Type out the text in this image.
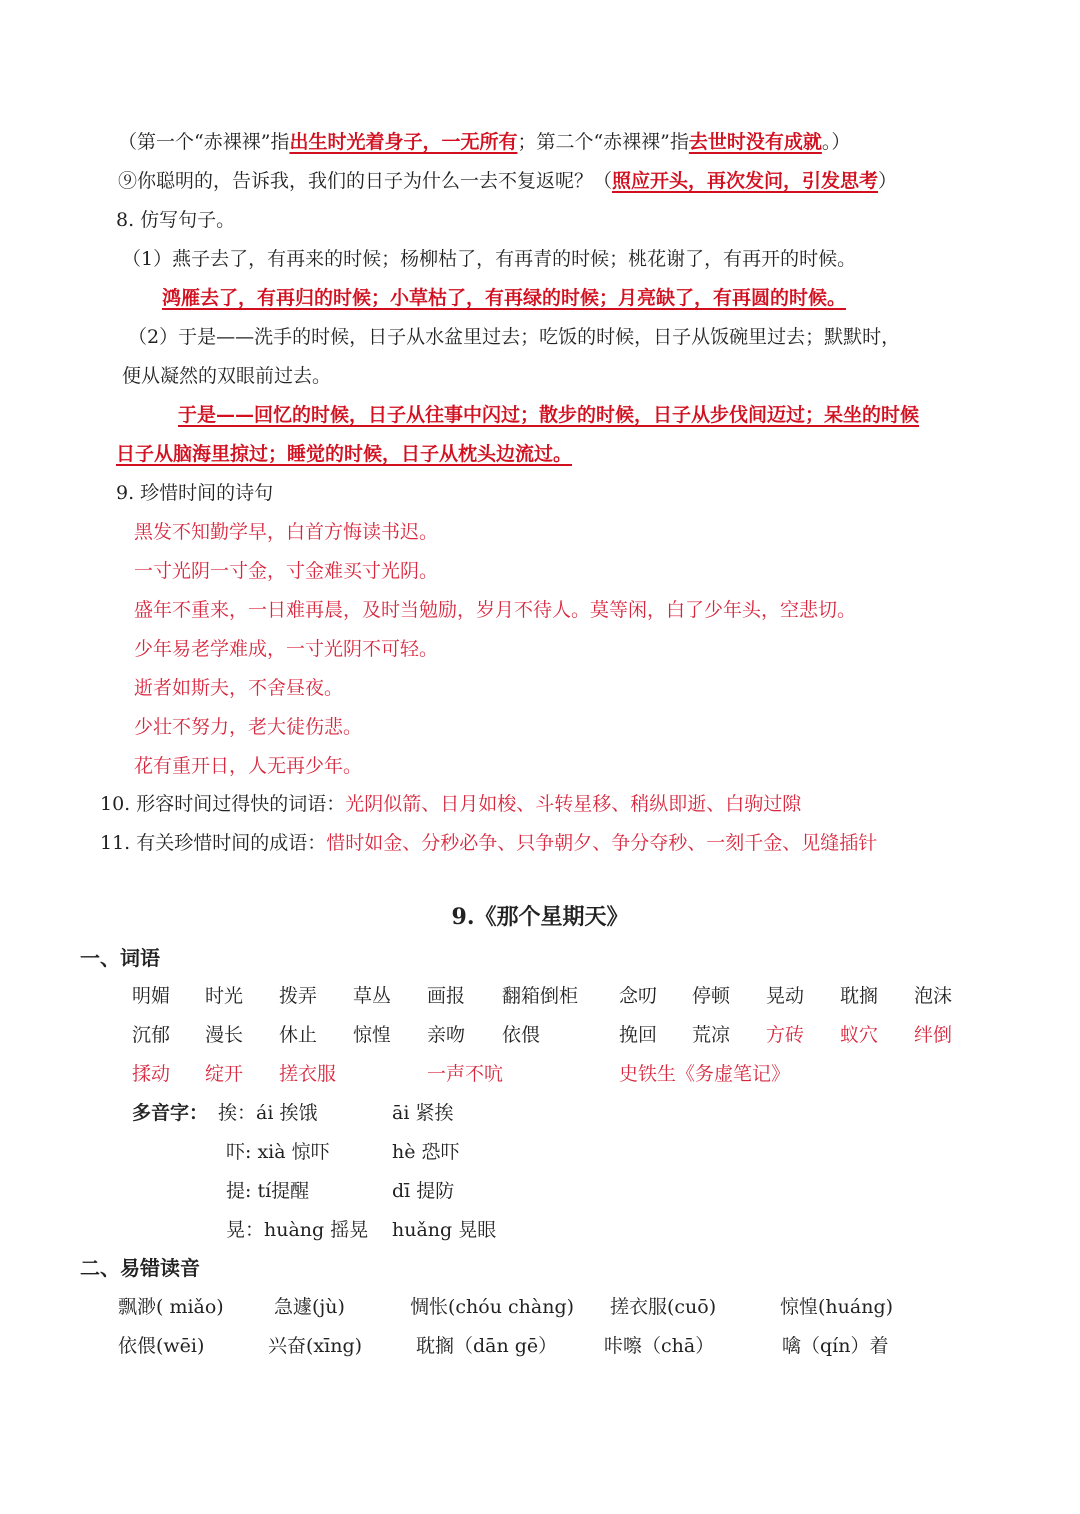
（第一个“赤裸裸”指出生时光着身子，一无所有；第二个“赤裸裸”指去世时没有成就。）
⑨你聪明的，告诉我，我们的日子为什么一去不复返呢？（照应开头，再次发问，引发思考）
8. 仿写句子。
（1）燕子去了，有再来的时候；杨柳枯了，有再青的时候；桃花谢了，有再开的时候。
鸿雁去了，有再归的时候；小草枯了，有再绿的时候；月亮缺了，有再圆的时候。
（2）于是——洗手的时候，日子从水盆里过去；吃饭的时候，日子从饭碗里过去；默默时，
便从凝然的双眼前过去。
于是——回忆的时候，日子从往事中闪过；散步的时候，日子从步伐间迈过；呆坐的时候
日子从脑海里掠过；睡觉的时候，日子从枕头边流过。
9. 珍惜时间的诗句
黑发不知勤学早，白首方悔读书迟。
一寸光阴一寸金，寸金难买寸光阴。
盛年不重来，一日难再晨，及时当勉励，岁月不待人。莫等闲，白了少年头，空悲切。
少年易老学难成，一寸光阴不可轻。
逝者如斯夫，不舍昼夜。
少壮不努力，老大徒伤悲。
花有重开日，人无再少年。
10. 形容时间过得快的词语：光阴似箭、日月如梭、斗转星移、稍纵即逝、白驹过隙
11. 有关珍惜时间的成语：惜时如金、分秒必争、只争朝夕、争分夺秒、一刻千金、见缝插针
9.《那个星期天》
一、词语
明媚 时光 拨弄 草丛 画报 翻箱倒柜 念叨 停顿 晃动 耽搁 泡沫
沉郁 漫长 休止 惊惶 亲吻 依偎	挽回 荒凉 方砖 蚁穴 绊倒
揉动 绽开 搓衣服	一声不吭	史铁生《务虚笔记》
多音字： 挨：ái 挨饿	āi 紧挨
吓: xià 惊吓	hè 恐吓
提: tí提醒	dī 提防
晃：huàng 摇晃 huǎng 晃眼
二、易错读音
飘渺( miǎo)	急遽(jù)	惆怅(chóu chàng) 搓衣服(cuō)	惊惶(huáng)
依偎(wēi)	兴奋(xīng)	耽搁（dān gē） 咔嚓（chā）	噙（qín）着
